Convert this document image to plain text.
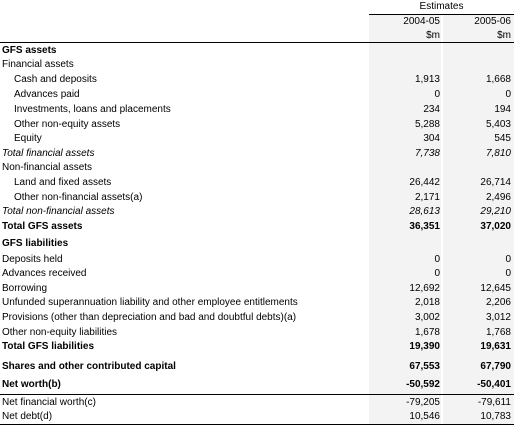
Estimates
2004-05	2005-06
$m	$m
GFS assets
Financial assets
Cash and deposits	1,913	1,668
Advances paid	0	0
Investments, loans and placements	234	194
Other non-equity assets	5,288	5,403
Equity	304	545
Total financial assets	7,738	7,810
Non-financial assets
Land and fixed assets	26,442	26,714
Other non-financial assets(a)	2,171	2,496
Total non-financial assets	28,613	29,210
Total GFS assets	36,351	37,020
GFS liabilities
Deposits held	0	0
Advances received	0	0
Borrowing	12,692	12,645
Unfunded superannuation liability and other employee entitlements	2,018	2,206
Provisions (other than depreciation and bad and doubtful debts)(a)	3,002	3,012
Other non-equity liabilities	1,678	1,768
Total GFS liabilities	19,390	19,631
Shares and other contributed capital	67,553	67,790
Net worth(b)	-50,592	-50,401
Net financial worth(c)	-79,205	-79,611
Net debt(d)	10,546	10,783
